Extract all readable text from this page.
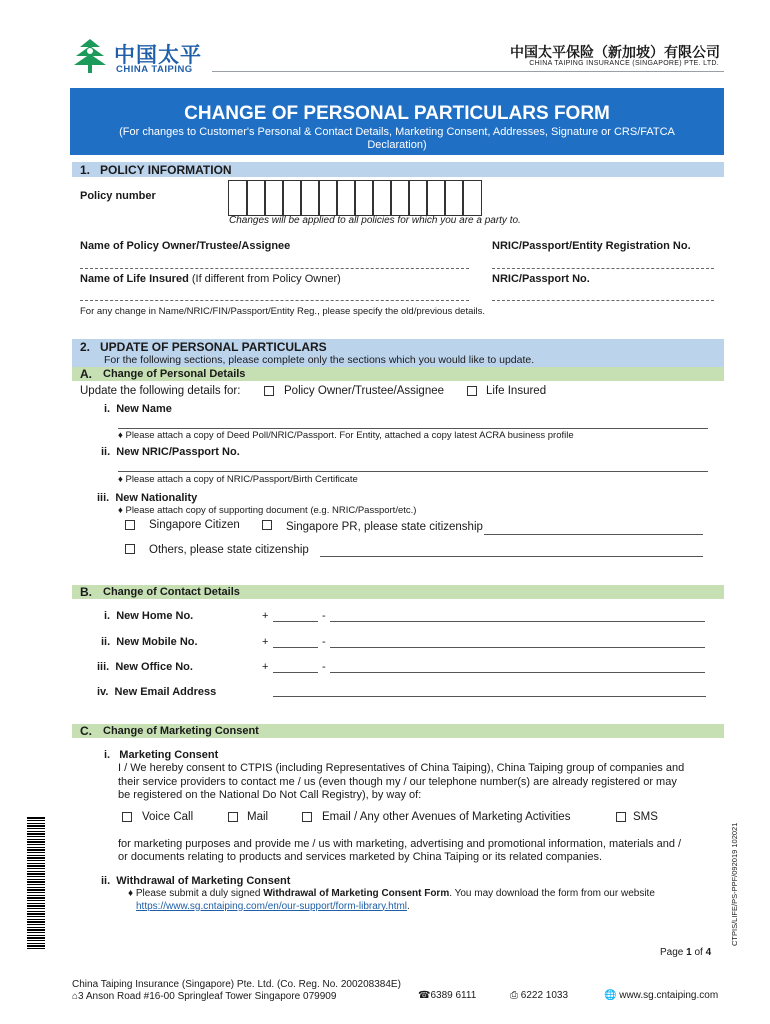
中国太平
CHINA TAIPING
中国太平保险（新加坡）有限公司
CHINA TAIPING INSURANCE (SINGAPORE) PTE. LTD.
CHANGE OF PERSONAL PARTICULARS FORM
(For changes to Customer's Personal & Contact Details, Marketing Consent, Addresses, Signature or CRS/FATCA
Declaration)
1.   POLICY INFORMATION
Policy number
Changes will be applied to all policies for which you are a party to.
Name of Policy Owner/Trustee/Assignee	NRIC/Passport/Entity Registration No.
Name of Life Insured (If different from Policy Owner)	NRIC/Passport No.
For any change in Name/NRIC/FIN/Passport/Entity Reg., please specify the old/previous details.
2.   UPDATE OF PERSONAL PARTICULARS
For the following sections, please complete only the sections which you would like to update.
A. Change of Personal Details
Update the following details for:	Policy Owner/Trustee/Assignee	Life Insured
i.  New Name
♦ Please attach a copy of Deed Poll/NRIC/Passport. For Entity, attached a copy latest ACRA business profile
ii.  New NRIC/Passport No.
♦ Please attach a copy of NRIC/Passport/Birth Certificate
iii.  New Nationality
♦ Please attach copy of supporting document (e.g. NRIC/Passport/etc.)
Singapore Citizen	Singapore PR, please state citizenship
Others, please state citizenship
B. Change of Contact Details
i.  New Home No.	+	-
ii.  New Mobile No.	+	-
iii.  New Office No.	+	-
iv.  New Email Address
C. Change of Marketing Consent
i.   Marketing Consent
I / We hereby consent to CTPIS (including Representatives of China Taiping), China Taiping group of companies and
their service providers to contact me / us (even though my / our telephone number(s) are already registered or may
be registered on the National Do Not Call Registry), by way of:
Voice Call	Mail	Email / Any other Avenues of Marketing Activities	SMS
for marketing purposes and provide me / us with marketing, advertising and promotional information, materials and /
or documents relating to products and services marketed by China Taiping or its related companies.
ii.  Withdrawal of Marketing Consent
♦ Please submit a duly signed Withdrawal of Marketing Consent Form. You may download the form from our website
https://www.sg.cntaiping.com/en/our-support/form-library.html.	CTPIS/LIFE/PS-PPF/092019 102021
Page 1 of 4
China Taiping Insurance (Singapore) Pte. Ltd. (Co. Reg. No. 200208384E)
⌂3 Anson Road #16-00 Springleaf Tower Singapore 079909	☎6389 6111	⎙ 6222 1033	🌐 www.sg.cntaiping.com
